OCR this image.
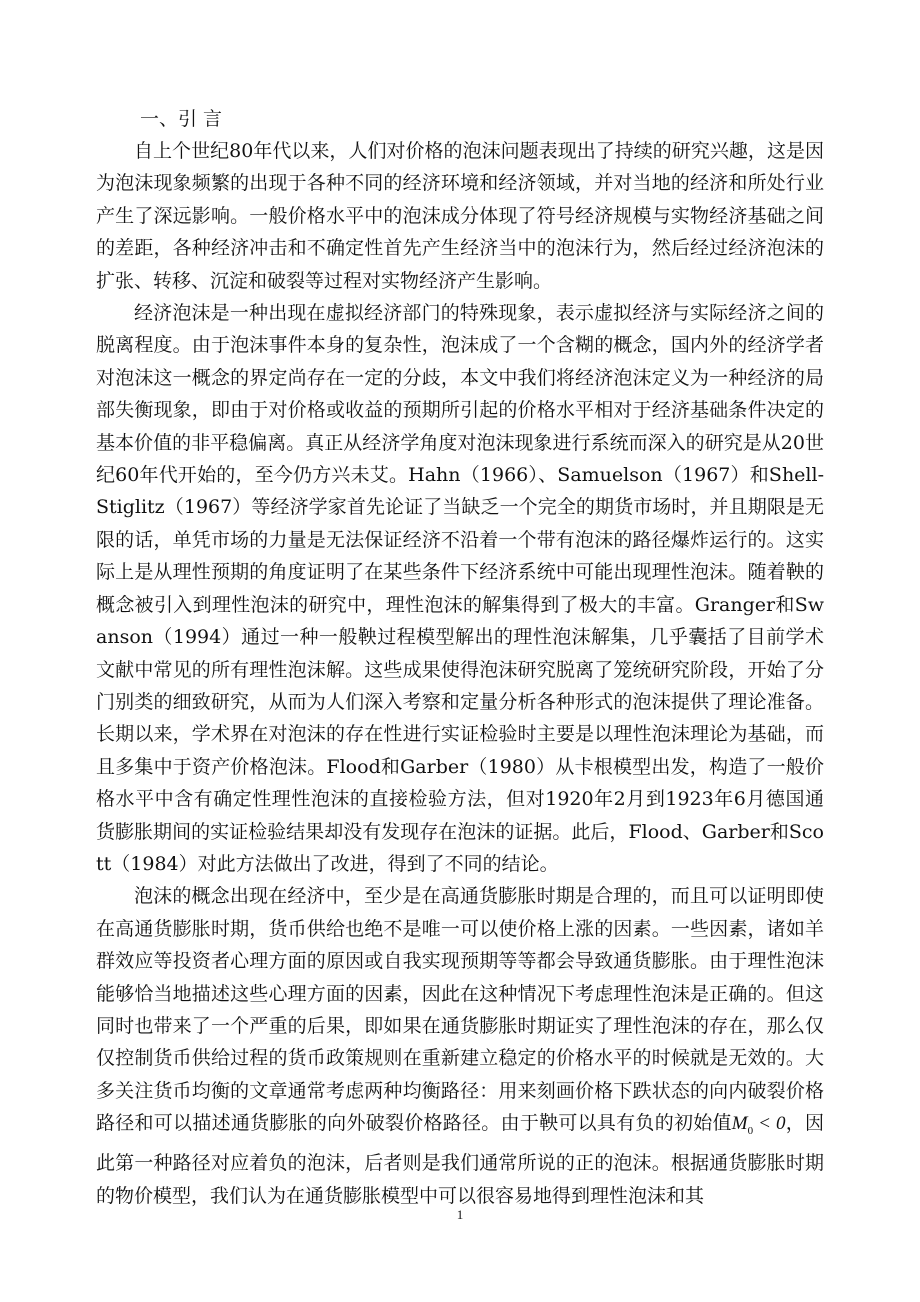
一、引 言

自上个世纪80年代以来，人们对价格的泡沫问题表现出了持续的研究兴趣，这是因为泡沫现象频繁的出现于各种不同的经济环境和经济领域，并对当地的经济和所处行业产生了深远影响。一般价格水平中的泡沫成分体现了符号经济规模与实物经济基础之间的差距，各种经济冲击和不确定性首先产生经济当中的泡沫行为，然后经过经济泡沫的扩张、转移、沉淀和破裂等过程对实物经济产生影响。

经济泡沫是一种出现在虚拟经济部门的特殊现象，表示虚拟经济与实际经济之间的脱离程度。由于泡沫事件本身的复杂性，泡沫成了一个含糊的概念，国内外的经济学者对泡沫这一概念的界定尚存在一定的分歧，本文中我们将经济泡沫定义为一种经济的局部失衡现象，即由于对价格或收益的预期所引起的价格水平相对于经济基础条件决定的基本价值的非平稳偏离。真正从经济学角度对泡沫现象进行系统而深入的研究是从20世纪60年代开始的，至今仍方兴未艾。Hahn（1966）、Samuelson（1967）和Shell-Stiglitz（1967）等经济学家首先论证了当缺乏一个完全的期货市场时，并且期限是无限的话，单凭市场的力量是无法保证经济不沿着一个带有泡沫的路径爆炸运行的。这实际上是从理性预期的角度证明了在某些条件下经济系统中可能出现理性泡沫。随着鞅的概念被引入到理性泡沫的研究中，理性泡沫的解集得到了极大的丰富。Granger和Swanson（1994）通过一种一般鞅过程模型解出的理性泡沫解集，几乎囊括了目前学术文献中常见的所有理性泡沫解。这些成果使得泡沫研究脱离了笼统研究阶段，开始了分门别类的细致研究，从而为人们深入考察和定量分析各种形式的泡沫提供了理论准备。长期以来，学术界在对泡沫的存在性进行实证检验时主要是以理性泡沫理论为基础，而且多集中于资产价格泡沫。Flood和Garber（1980）从卡根模型出发，构造了一般价格水平中含有确定性理性泡沫的直接检验方法，但对1920年2月到1923年6月德国通货膨胀期间的实证检验结果却没有发现存在泡沫的证据。此后，Flood、Garber和Scott（1984）对此方法做出了改进，得到了不同的结论。

泡沫的概念出现在经济中，至少是在高通货膨胀时期是合理的，而且可以证明即使在高通货膨胀时期，货币供给也绝不是唯一可以使价格上涨的因素。一些因素，诸如羊群效应等投资者心理方面的原因或自我实现预期等等都会导致通货膨胀。由于理性泡沫能够恰当地描述这些心理方面的因素，因此在这种情况下考虑理性泡沫是正确的。但这同时也带来了一个严重的后果，即如果在通货膨胀时期证实了理性泡沫的存在，那么仅仅控制货币供给过程的货币政策规则在重新建立稳定的价格水平的时候就是无效的。大多关注货币均衡的文章通常考虑两种均衡路径：用来刻画价格下跌状态的向内破裂价格路径和可以描述通货膨胀的向外破裂价格路径。由于鞅可以具有负的初始值$M_0 < 0$，因此第一种路径对应着负的泡沫，后者则是我们通常所说的正的泡沫。根据通货膨胀时期的物价模型，我们认为在通货膨胀模型中可以很容易地得到理性泡沫和其

1
